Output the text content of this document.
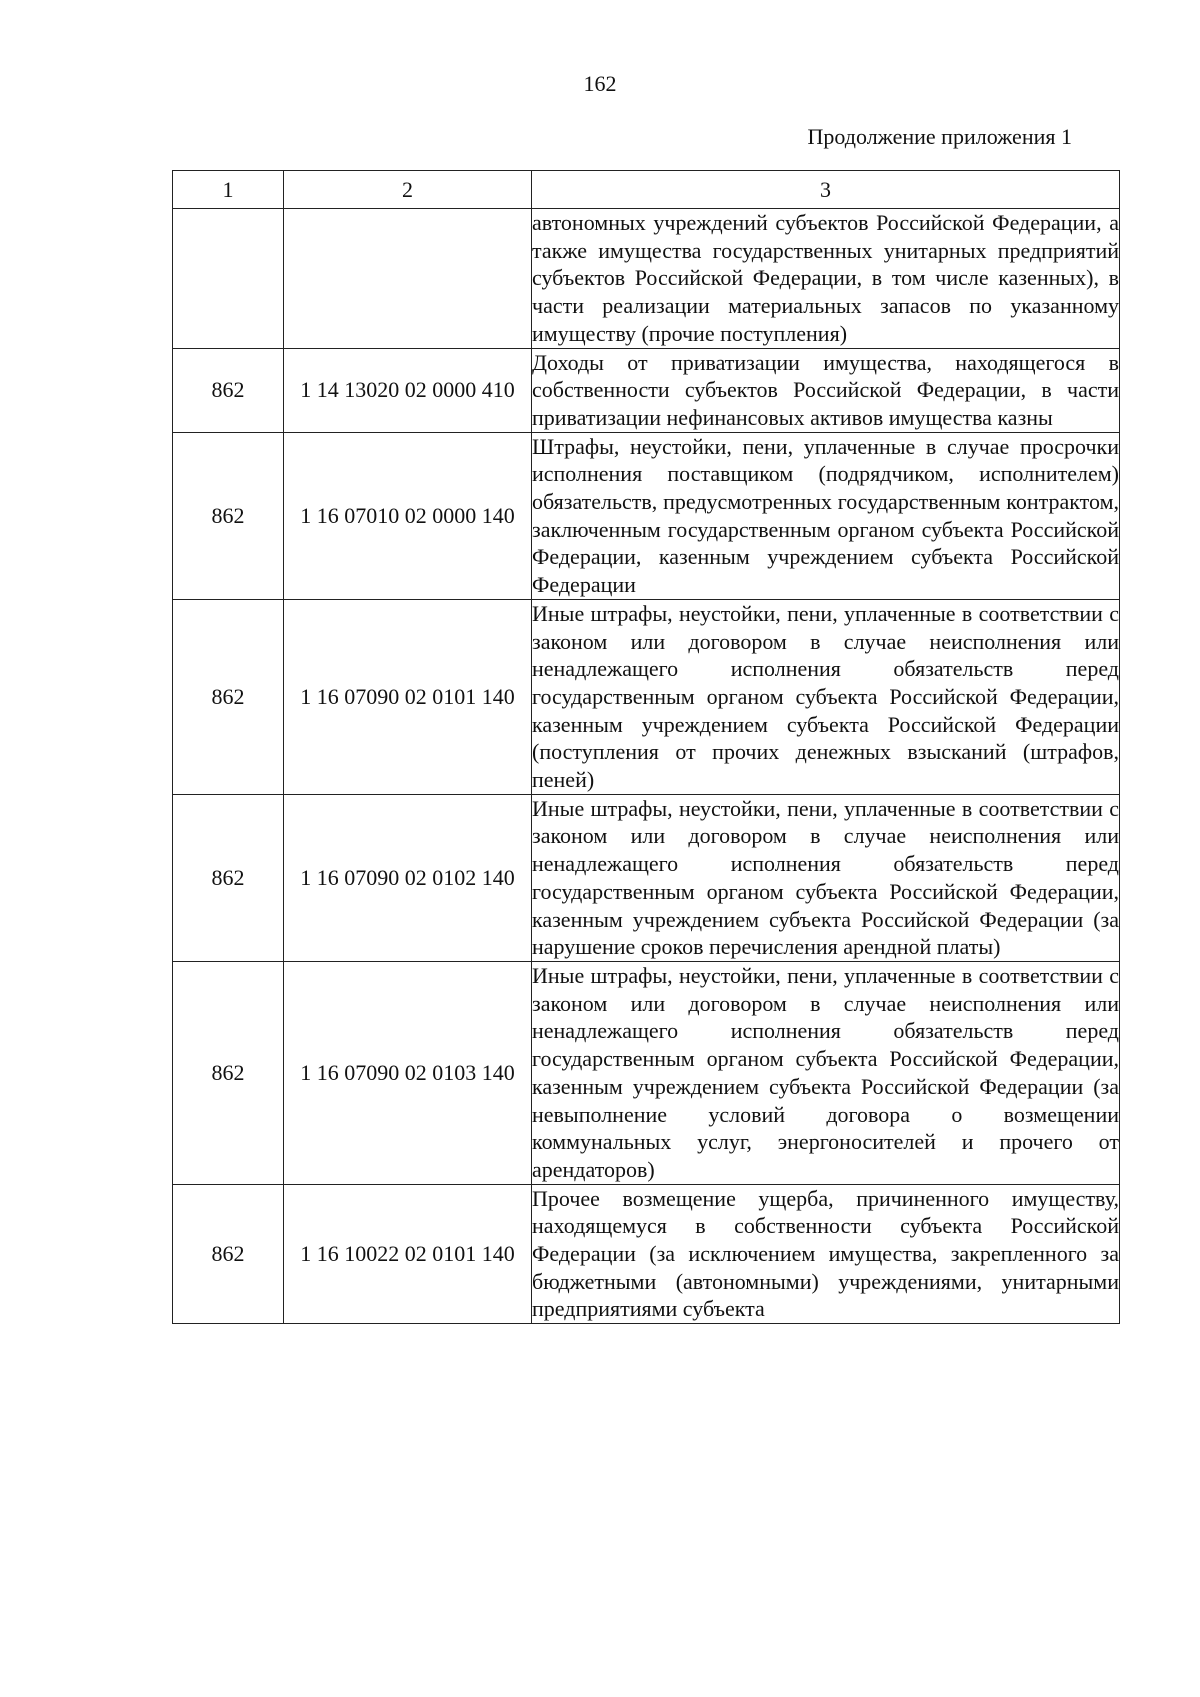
162
Продолжение приложения 1
1	2	3
		автономных учреждений субъектов Российской Федерации, а также имущества государственных унитарных предприятий субъектов Российской Федерации, в том числе казенных), в части реализации материальных запасов по указанному имуществу (прочие поступления)
862	1 14 13020 02 0000 410	Доходы от приватизации имущества, находящегося в собственности субъектов Российской Федерации, в части приватизации нефинансовых активов имущества казны
862	1 16 07010 02 0000 140	Штрафы, неустойки, пени, уплаченные в случае просрочки исполнения поставщиком (подрядчиком, исполнителем) обязательств, предусмотренных государственным контрактом, заключенным государственным органом субъекта Российской Федерации, казенным учреждением субъекта Российской Федерации
862	1 16 07090 02 0101 140	Иные штрафы, неустойки, пени, уплаченные в соответствии с законом или договором в случае неисполнения или ненадлежащего исполнения обязательств перед государственным органом субъекта Российской Федерации, казенным учреждением субъекта Российской Федерации (поступления от прочих денежных взысканий (штрафов, пеней)
862	1 16 07090 02 0102 140	Иные штрафы, неустойки, пени, уплаченные в соответствии с законом или договором в случае неисполнения или ненадлежащего исполнения обязательств перед государственным органом субъекта Российской Федерации, казенным учреждением субъекта Российской Федерации (за нарушение сроков перечисления арендной платы)
862	1 16 07090 02 0103 140	Иные штрафы, неустойки, пени, уплаченные в соответствии с законом или договором в случае неисполнения или ненадлежащего исполнения обязательств перед государственным органом субъекта Российской Федерации, казенным учреждением субъекта Российской Федерации (за невыполнение условий договора о возмещении коммунальных услуг, энергоносителей и прочего от арендаторов)
862	1 16 10022 02 0101 140	Прочее возмещение ущерба, причиненного имуществу, находящемуся в собственности субъекта Российской Федерации (за исключением имущества, закрепленного за бюджетными (автономными) учреждениями, унитарными предприятиями субъекта
